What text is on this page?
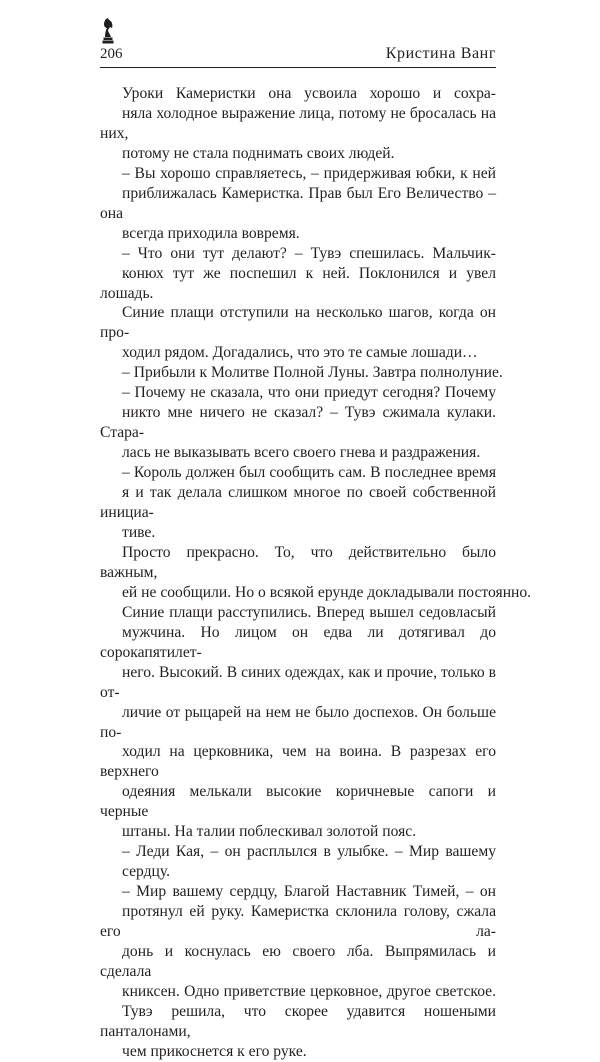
206	Кристина Ванг

Уроки Камеристки она усвоила хорошо и сохра-
няла холодное выражение лица, потому не бросалась на них,
потому не стала поднимать своих людей.

– Вы хорошо справляетесь, – придерживая юбки, к ней
приближалась Камеристка. Прав был Его Величество – она
всегда приходила вовремя.

– Что они тут делают? – Тувэ спешилась. Мальчик-
конюх тут же поспешил к ней. Поклонился и увел лошадь.
Синие плащи отступили на несколько шагов, когда он про-
ходил рядом. Догадались, что это те самые лошади…

– Прибыли к Молитве Полной Луны. Завтра полнолуние.

– Почему не сказала, что они приедут сегодня? Почему
никто мне ничего не сказал? – Тувэ сжимала кулаки. Стара-
лась не выказывать всего своего гнева и раздражения.

– Король должен был сообщить сам. В последнее время
я и так делала слишком многое по своей собственной инициа-
тиве.

Просто прекрасно. То, что действительно было важным,
ей не сообщили. Но о всякой ерунде докладывали постоянно.

Синие плащи расступились. Вперед вышел седовласый
мужчина. Но лицом он едва ли дотягивал до сорокапятилет-
него. Высокий. В синих одеждах, как и прочие, только в от-
личие от рыцарей на нем не было доспехов. Он больше по-
ходил на церковника, чем на воина. В разрезах его верхнего
одеяния мелькали высокие коричневые сапоги и черные
штаны. На талии поблескивал золотой пояс.

– Леди Кая, – он расплылся в улыбке. – Мир вашему
сердцу.

– Мир вашему сердцу, Благой Наставник Тимей, – он
протянул ей руку. Камеристка склонила голову, сжала его ла-
донь и коснулась ею своего лба. Выпрямилась и сделала
книксен. Одно приветствие церковное, другое светское.
Тувэ решила, что скорее удавится ношеными панталонами,
чем прикоснется к его руке.
